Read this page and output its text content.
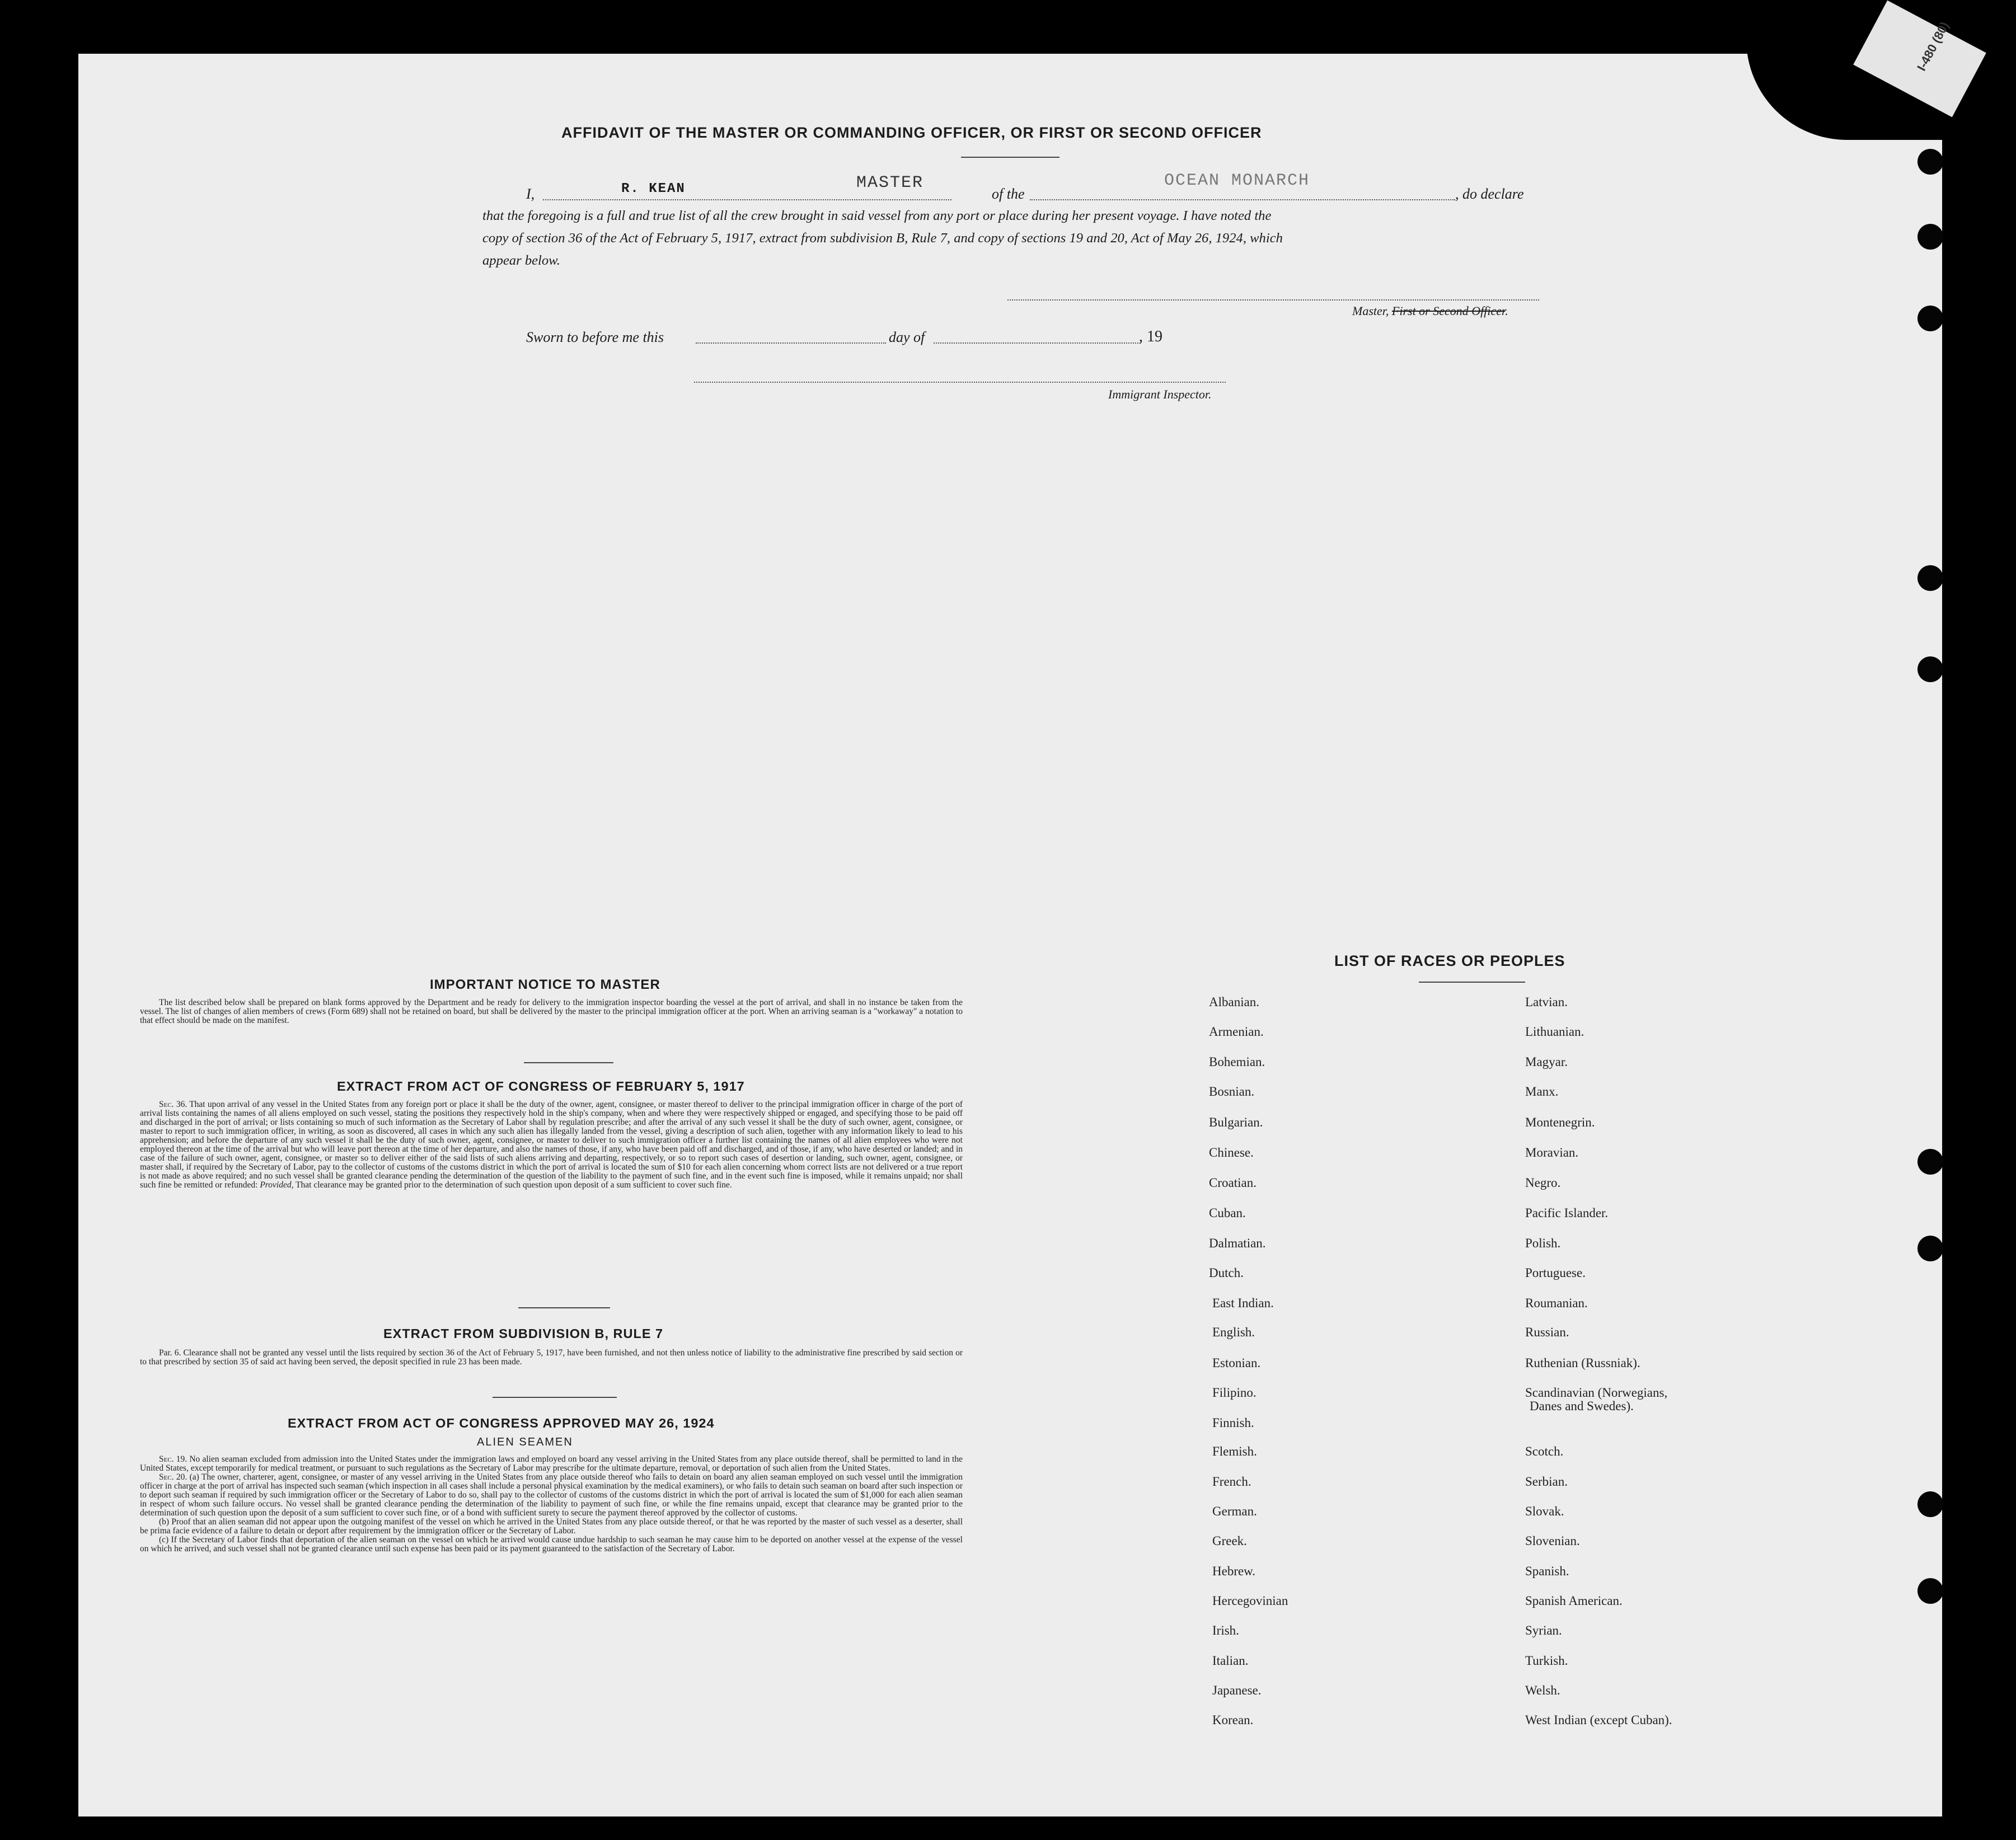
I-480 (80)
AFFIDAVIT OF THE MASTER OR COMMANDING OFFICER, OR FIRST OR SECOND OFFICER
I,	R. KEAN	MASTER
of the
OCEAN MONARCH
, do declare
that the foregoing is a full and true list of all the crew brought in said vessel from any port or place during her present voyage. I have noted the
copy of section 36 of the Act of February 5, 1917, extract from subdivision B, Rule 7, and copy of sections 19 and 20, Act of May 26, 1924, which
appear below.
Master, First or Second Officer.
Sworn to before me this	day of	, 19
Immigrant Inspector.
IMPORTANT NOTICE TO MASTER
The list described below shall be prepared on blank forms approved by the Department and be ready for delivery to the immigration inspector boarding the vessel at the port of arrival, and shall in no instance be taken from the vessel. The list of changes of alien members of crews (Form 689) shall not be retained on board, but shall be delivered by the master to the principal immigration officer at the port. When an arriving seaman is a "workaway" a notation to that effect should be made on the manifest.
EXTRACT FROM ACT OF CONGRESS OF FEBRUARY 5, 1917
Sec. 36. That upon arrival of any vessel in the United States from any foreign port or place it shall be the duty of the owner, agent, consignee, or master thereof to deliver to the principal immigration officer in charge of the port of arrival lists containing the names of all aliens employed on such vessel, stating the positions they respectively hold in the ship's company, when and where they were respectively shipped or engaged, and specifying those to be paid off and discharged in the port of arrival; or lists containing so much of such information as the Secretary of Labor shall by regulation prescribe; and after the arrival of any such vessel it shall be the duty of such owner, agent, consignee, or master to report to such immigration officer, in writing, as soon as discovered, all cases in which any such alien has illegally landed from the vessel, giving a description of such alien, together with any information likely to lead to his apprehension; and before the departure of any such vessel it shall be the duty of such owner, agent, consignee, or master to deliver to such immigration officer a further list containing the names of all alien employees who were not employed thereon at the time of the arrival but who will leave port thereon at the time of her departure, and also the names of those, if any, who have been paid off and discharged, and of those, if any, who have deserted or landed; and in case of the failure of such owner, agent, consignee, or master so to deliver either of the said lists of such aliens arriving and departing, respectively, or so to report such cases of desertion or landing, such owner, agent, consignee, or master shall, if required by the Secretary of Labor, pay to the collector of customs of the customs district in which the port of arrival is located the sum of $10 for each alien concerning whom correct lists are not delivered or a true report is not made as above required; and no such vessel shall be granted clearance pending the determination of the question of the liability to the payment of such fine, and in the event such fine is imposed, while it remains unpaid; nor shall such fine be remitted or refunded: Provided, That clearance may be granted prior to the determination of such question upon deposit of a sum sufficient to cover such fine.
EXTRACT FROM SUBDIVISION B, RULE 7
Par. 6. Clearance shall not be granted any vessel until the lists required by section 36 of the Act of February 5, 1917, have been furnished, and not then unless notice of liability to the administrative fine prescribed by said section or to that prescribed by section 35 of said act having been served, the deposit specified in rule 23 has been made.
EXTRACT FROM ACT OF CONGRESS APPROVED MAY 26, 1924
ALIEN SEAMEN
Sec. 19. No alien seaman excluded from admission into the United States under the immigration laws and employed on board any vessel arriving in the United States from any place outside thereof, shall be permitted to land in the United States, except temporarily for medical treatment, or pursuant to such regulations as the Secretary of Labor may prescribe for the ultimate departure, removal, or deportation of such alien from the United States.
Sec. 20. (a) The owner, charterer, agent, consignee, or master of any vessel arriving in the United States from any place outside thereof who fails to detain on board any alien seaman employed on such vessel until the immigration officer in charge at the port of arrival has inspected such seaman (which inspection in all cases shall include a personal physical examination by the medical examiners), or who fails to detain such seaman on board after such inspection or to deport such seaman if required by such immigration officer or the Secretary of Labor to do so, shall pay to the collector of customs of the customs district in which the port of arrival is located the sum of $1,000 for each alien seaman in respect of whom such failure occurs. No vessel shall be granted clearance pending the determination of the liability to payment of such fine, or while the fine remains unpaid, except that clearance may be granted prior to the determination of such question upon the deposit of a sum sufficient to cover such fine, or of a bond with sufficient surety to secure the payment thereof approved by the collector of customs.
(b) Proof that an alien seaman did not appear upon the outgoing manifest of the vessel on which he arrived in the United States from any place outside thereof, or that he was reported by the master of such vessel as a deserter, shall be prima facie evidence of a failure to detain or deport after requirement by the immigration officer or the Secretary of Labor.
(c) If the Secretary of Labor finds that deportation of the alien seaman on the vessel on which he arrived would cause undue hardship to such seaman he may cause him to be deported on another vessel at the expense of the vessel on which he arrived, and such vessel shall not be granted clearance until such expense has been paid or its payment guaranteed to the satisfaction of the Secretary of Labor.
LIST OF RACES OR PEOPLES
Albanian.
Armenian.
Bohemian.
Bosnian.
Bulgarian.
Chinese.
Croatian.
Cuban.
Dalmatian.
Dutch.
East Indian.
English.
Estonian.
Filipino.
Finnish.
Flemish.
French.
German.
Greek.
Hebrew.
Hercegovinian
Irish.
Italian.
Japanese.
Korean.
Latvian.
Lithuanian.
Magyar.
Manx.
Montenegrin.
Moravian.
Negro.
Pacific Islander.
Polish.
Portuguese.
Roumanian.
Russian.
Ruthenian (Russniak).
Scandinavian (Norwegians,
Danes and Swedes).
Scotch.
Serbian.
Slovak.
Slovenian.
Spanish.
Spanish American.
Syrian.
Turkish.
Welsh.
West Indian (except Cuban).
